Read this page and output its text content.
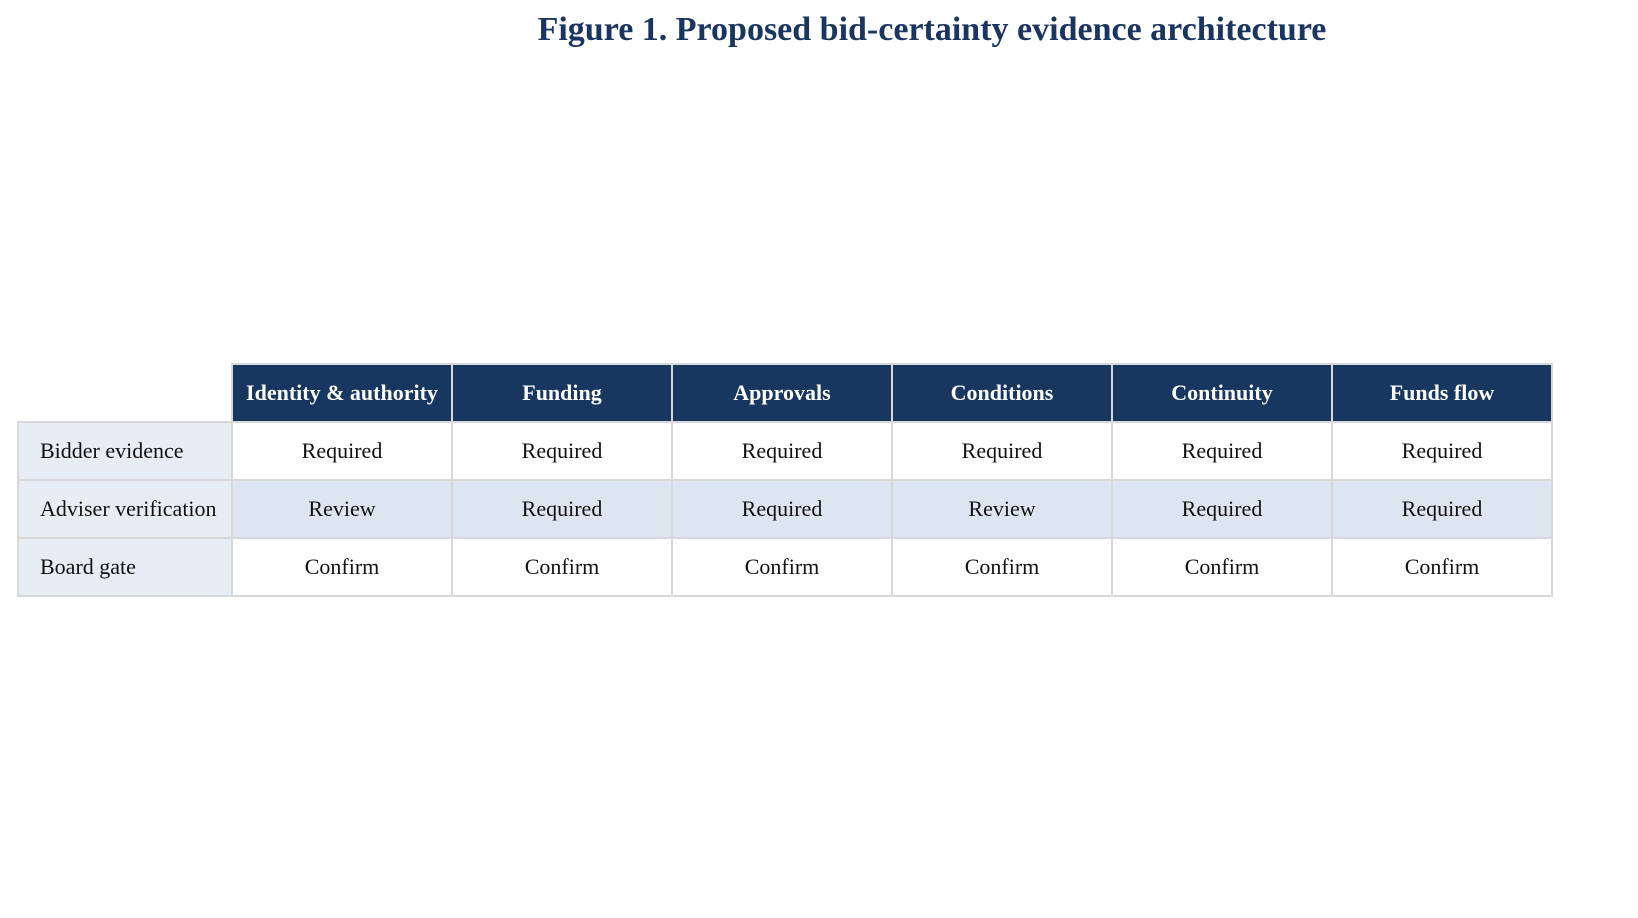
Figure 1. Proposed bid-certainty evidence architecture
	Identity & authority	Funding	Approvals	Conditions	Continuity	Funds flow
Bidder evidence	Required	Required	Required	Required	Required	Required
Adviser verification	Review	Required	Required	Review	Required	Required
Board gate	Confirm	Confirm	Confirm	Confirm	Confirm	Confirm
